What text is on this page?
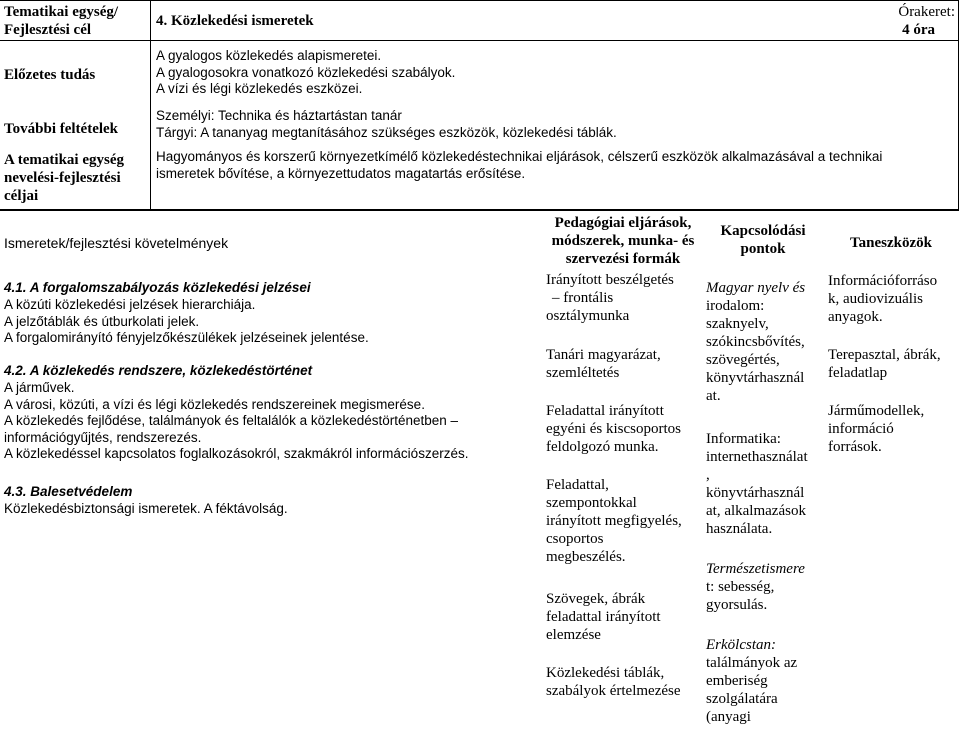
Tematikai egység/ Fejlesztési cél
4. Közlekedési ismeretek
Órakeret:
4 óra
Előzetes tudás
A gyalogos közlekedés alapismeretei.
A gyalogosokra vonatkozó közlekedési szabályok.
A vízi és légi közlekedés eszközei.
További feltételek
Személyi: Technika és háztartástan tanár
Tárgyi: A tananyag megtanításához szükséges eszközök, közlekedési táblák.
A tematikai egység nevelési-fejlesztési céljai
Hagyományos és korszerű környezetkímélő közlekedéstechnikai eljárások, célszerű eszközök alkalmazásával a technikai
ismeretek bővítése, a környezettudatos magatartás erősítése.
Ismeretek/fejlesztési követelmények
Pedagógiai eljárások, módszerek, munka- és szervezési formák
Kapcsolódási pontok	Taneszközök
4.1. A forgalomszabályozás közlekedési jelzései
A közúti közlekedési jelzések hierarchiája.
A jelzőtáblák és útburkolati jelek.
A forgalomirányító fényjelzőkészülékek jelzéseinek jelentése.
4.2. A közlekedés rendszere, közlekedéstörténet
A járművek.
A városi, közúti, a vízi és légi közlekedés rendszereinek megismerése.
A közlekedés fejlődése, találmányok és feltalálók a közlekedéstörténetben –
információgyűjtés, rendszerezés.
A közlekedéssel kapcsolatos foglalkozásokról, szakmákról információszerzés.
4.3. Balesetvédelem
Közlekedésbiztonsági ismeretek. A féktávolság.
Irányított beszélgetés
– frontális
osztálymunka
Tanári magyarázat,
szemléltetés
Feladattal irányított
egyéni és kiscsoportos
feldolgozó munka.
Feladattal,
szempontokkal
irányított megfigyelés,
csoportos
megbeszélés.
Szövegek, ábrák
feladattal irányított
elemzése
Közlekedési táblák,
szabályok értelmezése
Magyar nyelv és
irodalom:
szaknyelv,
szókincsbővítés,
szövegértés,
könyvtárhasznál
at.
Informatika:
internethasználat
,
könyvtárhasznál
at, alkalmazások
használata.
Természetismere
t: sebesség,
gyorsulás.
Erkölcstan:
találmányok az
emberiség
szolgálatára
(anyagi
Információforráso
k, audiovizuális
anyagok.
Terepasztal, ábrák,
feladatlap
Járműmodellek,
információ
források.
